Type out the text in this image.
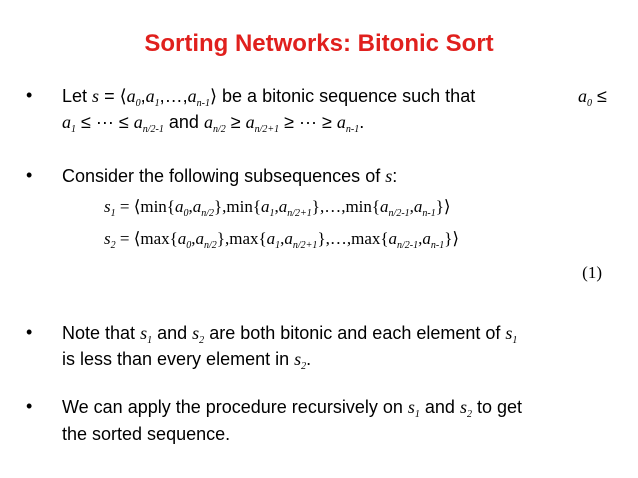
Sorting Networks: Bitonic Sort
• Let $s = ⟨a_0,a_1,\dots,a_{n-1}⟩$ be a bitonic sequence such that	$a_0$ ≤
$a_1$ ≤ ··· ≤ $a_{n/2-1}$ and $a_{n/2} \ge a_{n/2+1}$ ≥ ··· ≥ $a_{n-1}$.
• Consider the following subsequences of s:
$s_1$ = $⟨\min\{a_0,a_{n/2}\},\min\{a_1,a_{n/2+1}\},\dots,\min\{a_{n/2-1},a_{n-1}\}⟩$
$s_2$ = $⟨\max\{a_0,a_{n/2}\},\max\{a_1,a_{n/2+1}\},\dots,\max\{a_{n/2-1},a_{n-1}\}⟩$
(1)
• Note that $s_1$ and $s_2$ are both bitonic and each element of $s_1$
is less than every element in $s_2$.
• We can apply the procedure recursively on $s_1$ and $s_2$ to get
the sorted sequence.
